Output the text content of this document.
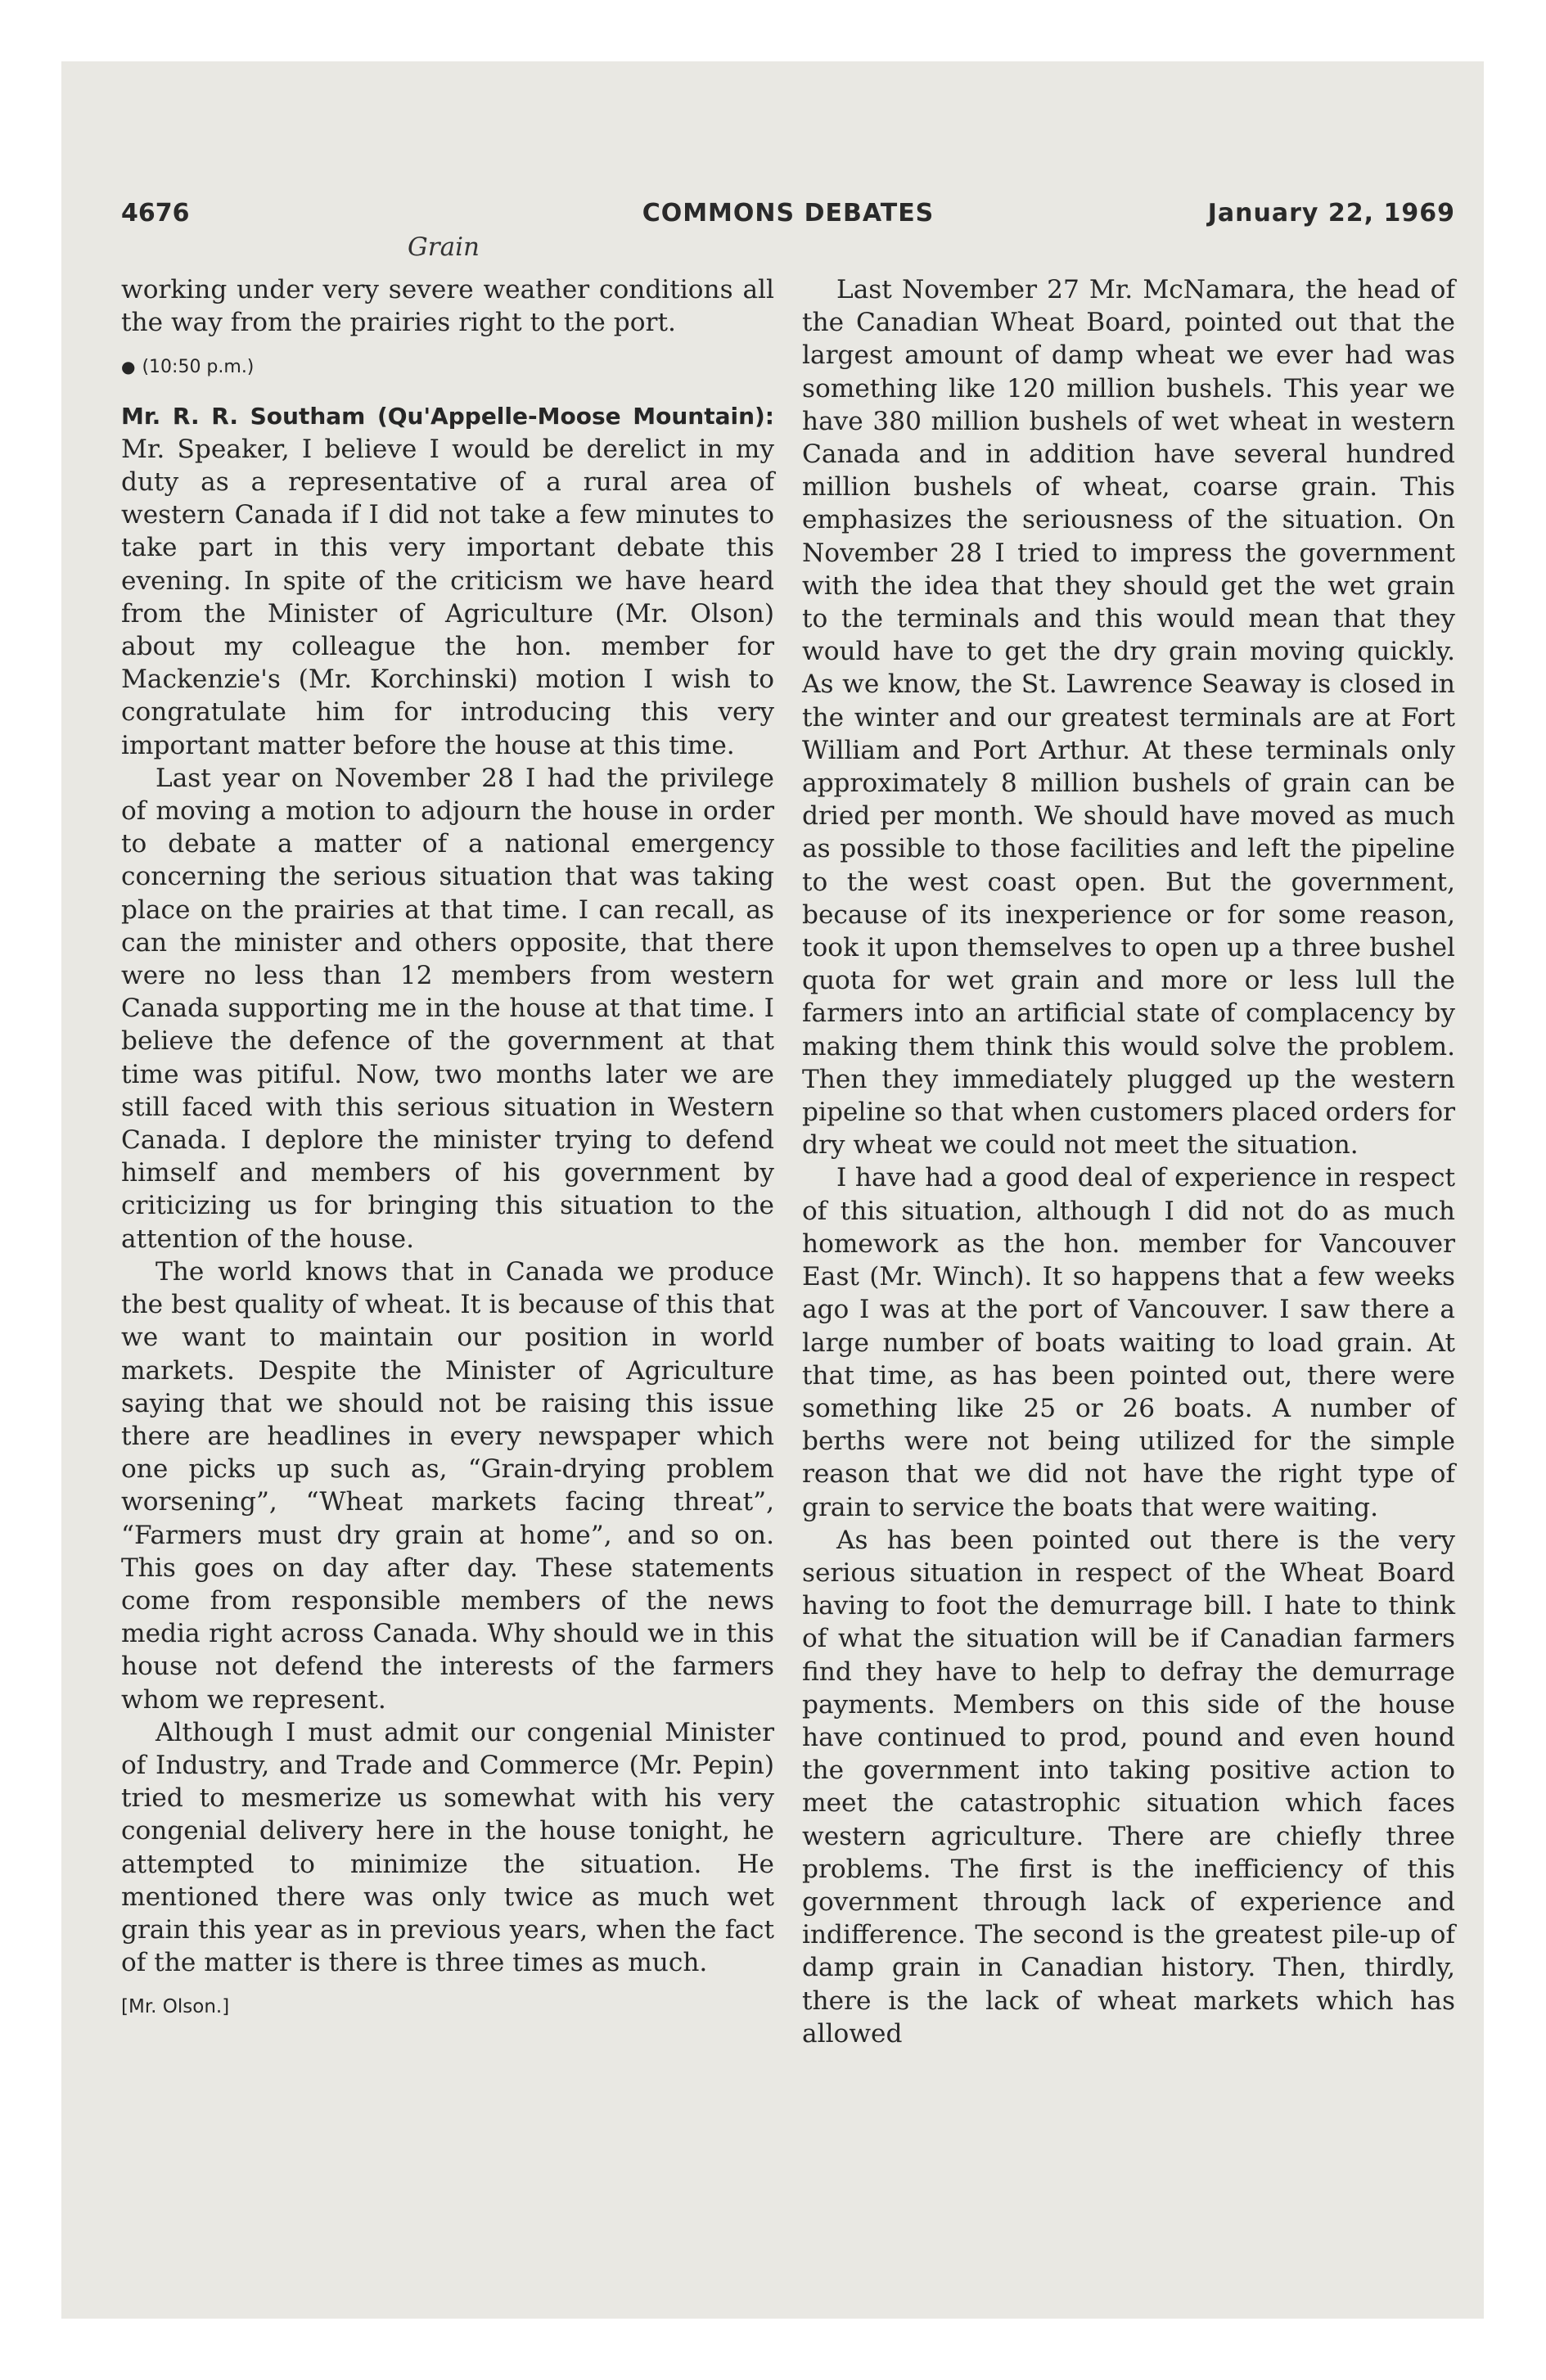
4676	COMMONS DEBATES	January 22, 1969
Grain

working under very severe weather conditions all the way from the prairies right to the port.

● (10:50 p.m.)

Mr. R. R. Southam (Qu'Appelle-Moose Mountain): Mr. Speaker, I believe I would be derelict in my duty as a representative of a rural area of western Canada if I did not take a few minutes to take part in this very important debate this evening. In spite of the criticism we have heard from the Minister of Agriculture (Mr. Olson) about my colleague the hon. member for Mackenzie's (Mr. Korchinski) motion I wish to congratulate him for introducing this very important matter before the house at this time.

Last year on November 28 I had the privilege of moving a motion to adjourn the house in order to debate a matter of a national emergency concerning the serious situation that was taking place on the prairies at that time. I can recall, as can the minister and others opposite, that there were no less than 12 members from western Canada supporting me in the house at that time. I believe the defence of the government at that time was pitiful. Now, two months later we are still faced with this serious situation in Western Canada. I deplore the minister trying to defend himself and members of his government by criticizing us for bringing this situation to the attention of the house.

The world knows that in Canada we produce the best quality of wheat. It is because of this that we want to maintain our position in world markets. Despite the Minister of Agriculture saying that we should not be raising this issue there are headlines in every newspaper which one picks up such as, “Grain-drying problem worsening”, “Wheat markets facing threat”, “Farmers must dry grain at home”, and so on. This goes on day after day. These statements come from responsible members of the news media right across Canada. Why should we in this house not defend the interests of the farmers whom we represent.

Although I must admit our congenial Minister of Industry, and Trade and Commerce (Mr. Pepin) tried to mesmerize us somewhat with his very congenial delivery here in the house tonight, he attempted to minimize the situation. He mentioned there was only twice as much wet grain this year as in previous years, when the fact of the matter is there is three times as much.

[Mr. Olson.]

Last November 27 Mr. McNamara, the head of the Canadian Wheat Board, pointed out that the largest amount of damp wheat we ever had was something like 120 million bushels. This year we have 380 million bushels of wet wheat in western Canada and in addition have several hundred million bushels of wheat, coarse grain. This emphasizes the seriousness of the situation. On November 28 I tried to impress the government with the idea that they should get the wet grain to the terminals and this would mean that they would have to get the dry grain moving quickly. As we know, the St. Lawrence Seaway is closed in the winter and our greatest terminals are at Fort William and Port Arthur. At these terminals only approximately 8 million bushels of grain can be dried per month. We should have moved as much as possible to those facilities and left the pipeline to the west coast open. But the government, because of its inexperience or for some reason, took it upon themselves to open up a three bushel quota for wet grain and more or less lull the farmers into an artificial state of complacency by making them think this would solve the problem. Then they immediately plugged up the western pipeline so that when customers placed orders for dry wheat we could not meet the situation.

I have had a good deal of experience in respect of this situation, although I did not do as much homework as the hon. member for Vancouver East (Mr. Winch). It so happens that a few weeks ago I was at the port of Vancouver. I saw there a large number of boats waiting to load grain. At that time, as has been pointed out, there were something like 25 or 26 boats. A number of berths were not being utilized for the simple reason that we did not have the right type of grain to service the boats that were waiting.

As has been pointed out there is the very serious situation in respect of the Wheat Board having to foot the demurrage bill. I hate to think of what the situation will be if Canadian farmers find they have to help to defray the demurrage payments. Members on this side of the house have continued to prod, pound and even hound the government into taking positive action to meet the catastrophic situation which faces western agriculture. There are chiefly three problems. The first is the inefficiency of this government through lack of experience and indifference. The second is the greatest pile-up of damp grain in Canadian history. Then, thirdly, there is the lack of wheat markets which has allowed
